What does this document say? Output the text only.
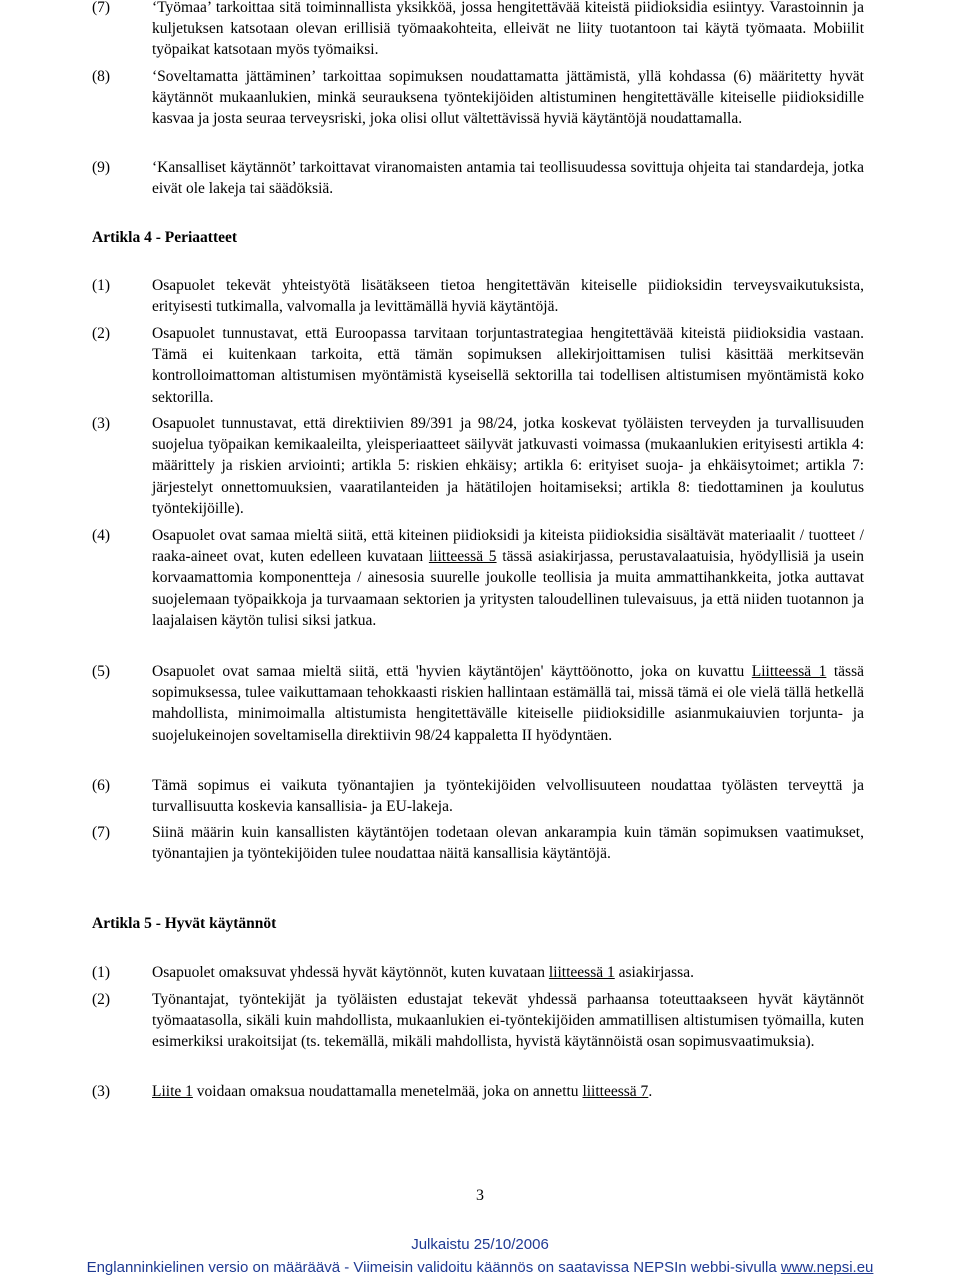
(7)	‘Työmaa’ tarkoittaa sitä toiminnallista yksikköä, jossa hengitettävää kiteistä piidioksidia esiintyy. Varastoinnin ja kuljetuksen katsotaan olevan erillisiä työmaakohteita, elleivät ne liity tuotantoon tai käytä työmaata. Mobiilit työpaikat katsotaan myös työmaiksi.
(8)	‘Soveltamatta jättäminen’ tarkoittaa sopimuksen noudattamatta jättämistä, yllä kohdassa (6) määritetty hyvät käytännöt mukaanlukien, minkä seurauksena työntekijöiden altistuminen hengitettävälle kiteiselle piidioksidille kasvaa ja josta seuraa terveysriski, joka olisi ollut vältettävissä hyviä käytäntöjä noudattamalla.
(9)	‘Kansalliset käytännöt’ tarkoittavat viranomaisten antamia tai teollisuudessa sovittuja ohjeita tai standardeja, jotka eivät ole lakeja tai säädöksiä.
Artikla 4 - Periaatteet
(1)	Osapuolet tekevät yhteistyötä lisätäkseen tietoa hengitettävän kiteiselle piidioksidin terveysvaikutuksista, erityisesti tutkimalla, valvomalla ja levittämällä hyviä käytäntöjä.
(2)	Osapuolet tunnustavat, että Euroopassa tarvitaan torjuntastrategiaa hengitettävää kiteistä piidioksidia vastaan. Tämä ei kuitenkaan tarkoita, että tämän sopimuksen allekirjoittamisen tulisi käsittää merkitsevän kontrolloimattoman altistumisen myöntämistä kyseisellä sektorilla tai todellisen altistumisen myöntämistä koko sektorilla.
(3)	Osapuolet tunnustavat, että direktiivien 89/391 ja 98/24, jotka koskevat työläisten terveyden ja turvallisuuden suojelua työpaikan kemikaaleilta, yleisperiaatteet säilyvät jatkuvasti voimassa (mukaanlukien erityisesti artikla 4: määrittely ja riskien arviointi; artikla 5: riskien ehkäisy; artikla 6: erityiset suoja- ja ehkäisytoimet; artikla 7: järjestelyt onnettomuuksien, vaaratilanteiden ja hätätilojen hoitamiseksi; artikla 8: tiedottaminen ja koulutus työntekijöille).
(4)	Osapuolet ovat samaa mieltä siitä, että kiteinen piidioksidi ja kiteista piidioksidia sisältävät materiaalit / tuotteet / raaka-aineet ovat, kuten edelleen kuvataan liitteessä 5 tässä asiakirjassa, perustavalaatuisia, hyödyllisiä ja usein korvaamattomia komponentteja / ainesosia suurelle joukolle teollisia ja muita ammattihankkeita, jotka auttavat suojelemaan työpaikkoja ja turvaamaan sektorien ja yritysten taloudellinen tulevaisuus, ja että niiden tuotannon ja laajalaisen käytön tulisi siksi jatkua.
(5)	Osapuolet ovat samaa mieltä siitä, että 'hyvien käytäntöjen' käyttöönotto, joka on kuvattu Liitteessä 1 tässä sopimuksessa, tulee vaikuttamaan tehokkaasti riskien hallintaan estämällä tai, missä tämä ei ole vielä tällä hetkellä mahdollista, minimoimalla altistumista hengitettävälle kiteiselle piidioksidille asianmukaiuvien torjunta- ja suojelukeinojen soveltamisella direktiivin 98/24 kappaletta II hyödyntäen.
(6)	Tämä sopimus ei vaikuta työnantajien ja työntekijöiden velvollisuuteen noudattaa työlästen terveyttä ja turvallisuutta koskevia kansallisia- ja EU-lakeja.
(7)	Siinä määrin kuin kansallisten käytäntöjen todetaan olevan ankarampia kuin tämän sopimuksen vaatimukset, työnantajien ja työntekijöiden tulee noudattaa näitä kansallisia käytäntöjä.
Artikla 5 - Hyvät käytännöt
(1)	Osapuolet omaksuvat yhdessä hyvät käytönnöt, kuten kuvataan liitteessä 1 asiakirjassa.
(2)	Työnantajat, työntekijät ja työläisten edustajat tekevät yhdessä parhaansa toteuttaakseen hyvät käytännöt työmaatasolla, sikäli kuin mahdollista, mukaanlukien ei-työntekijöiden ammatillisen altistumisen työmailla, kuten esimerkiksi urakoitsijat (ts. tekemällä, mikäli mahdollista, hyvistä käytännöistä osan sopimusvaatimuksia).
(3)	Liite 1 voidaan omaksua noudattamalla menetelmää, joka on annettu liitteessä 7.
3
Julkaistu 25/10/2006
Englanninkielinen versio on määräävä - Viimeisin validoitu käännös on saatavissa NEPSIn webbi-sivulla www.nepsi.eu
